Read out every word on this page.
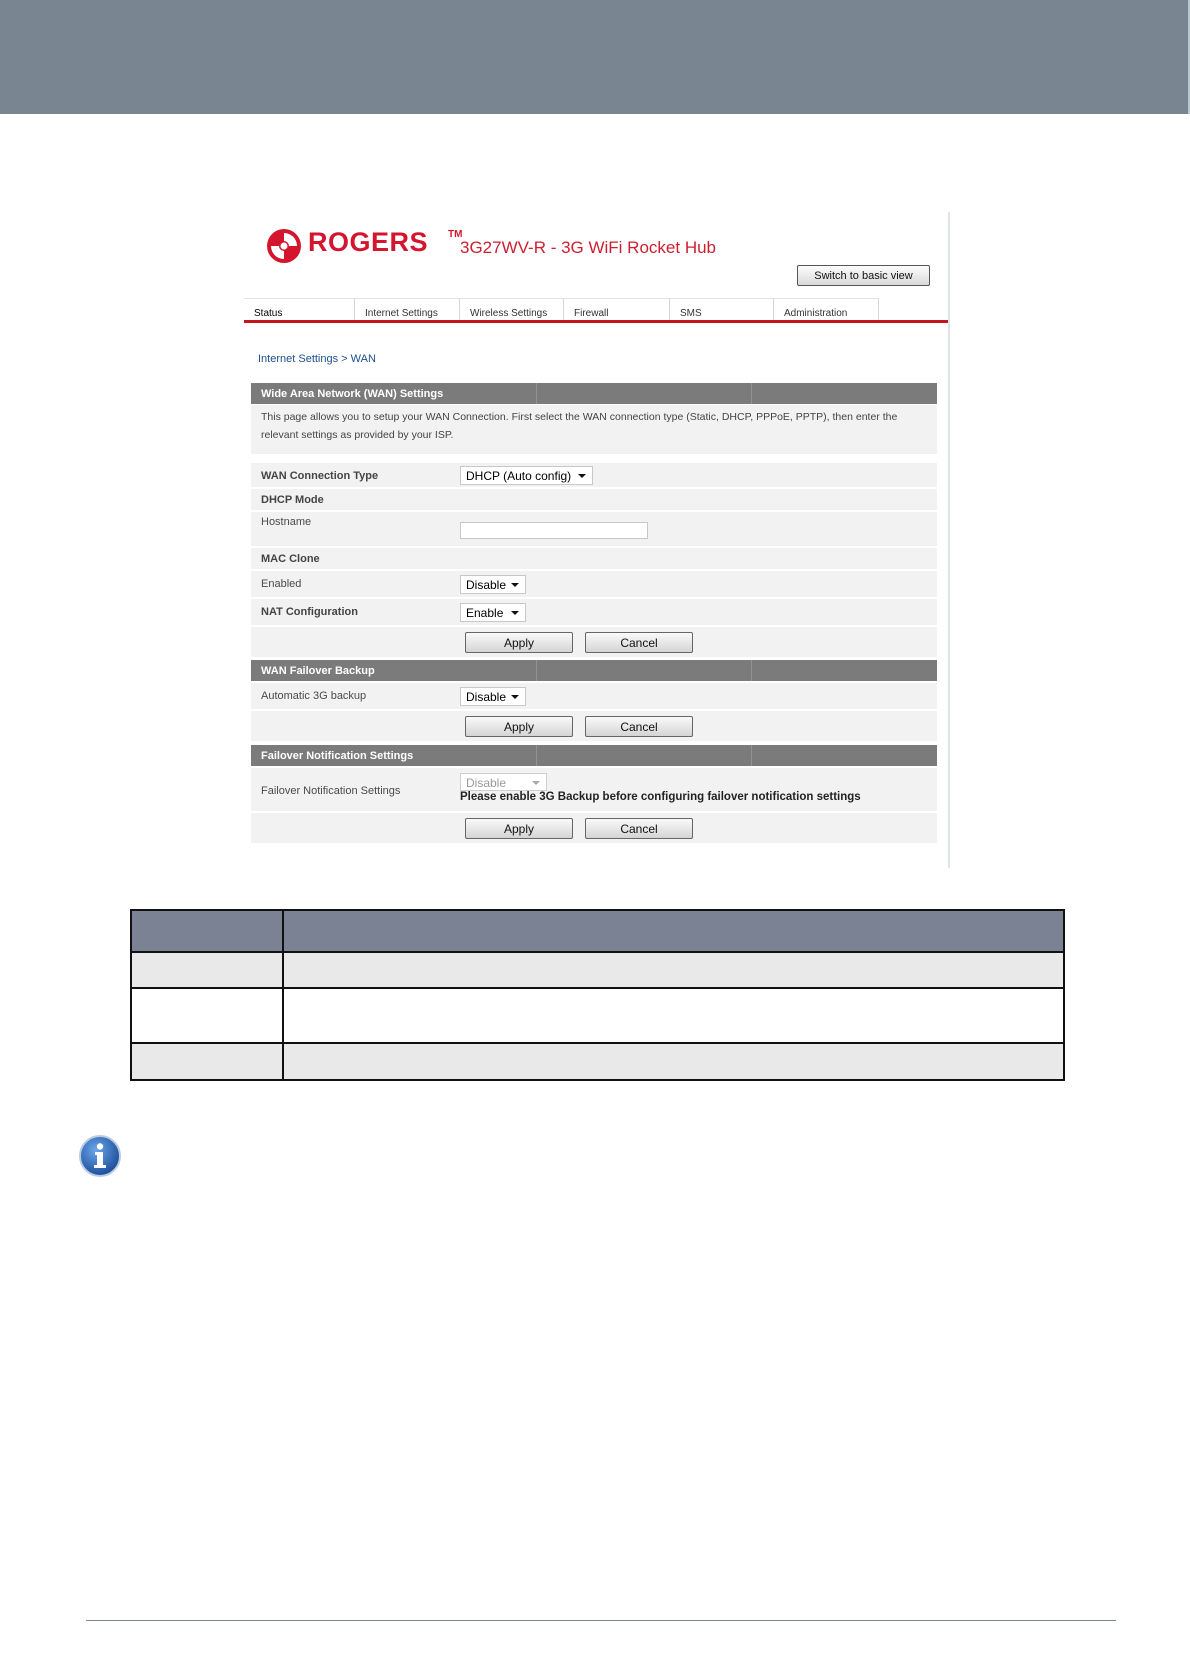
ROGERS TM
3G27WV-R - 3G WiFi Rocket Hub
Switch to basic view
Status	Internet Settings	Wireless Settings	Firewall	SMS	Administration
Internet Settings > WAN
Wide Area Network (WAN) Settings
This page allows you to setup your WAN Connection. First select the WAN connection type (Static, DHCP, PPPoE, PPTP), then enter the relevant settings as provided by your ISP.
WAN Connection Type	DHCP (Auto config)
DHCP Mode
Hostname
MAC Clone
Enabled	Disable
NAT Configuration	Enable
Apply	Cancel
WAN Failover Backup
Automatic 3G backup	Disable
Apply	Cancel
Failover Notification Settings
Failover Notification Settings
Disable
Please enable 3G Backup before configuring failover notification settings
Apply	Cancel
